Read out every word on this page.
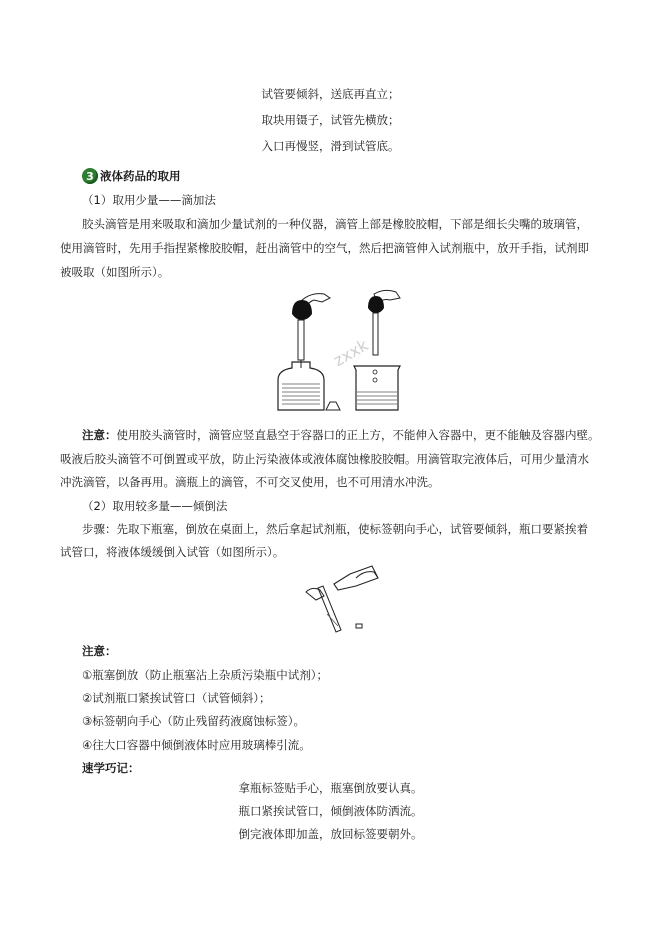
试管要倾斜，送底再直立；
取块用镊子，试管先横放；
入口再慢竖，滑到试管底。
3 液体药品的取用
（1）取用少量——滴加法
胶头滴管是用来吸取和滴加少量试剂的一种仪器，滴管上部是橡胶胶帽，下部是细长尖嘴的玻璃管，
使用滴管时，先用手指捏紧橡胶胶帽，赶出滴管中的空气，然后把滴管伸入试剂瓶中，放开手指，试剂即
被吸取（如图所示）。
zxxk
注意：使用胶头滴管时，滴管应竖直悬空于容器口的正上方，不能伸入容器中，更不能触及容器内壁。
吸液后胶头滴管不可倒置或平放，防止污染液体或液体腐蚀橡胶胶帽。用滴管取完液体后，可用少量清水
冲洗滴管，以备再用。滴瓶上的滴管，不可交叉使用，也不可用清水冲洗。
（2）取用较多量——倾倒法
步骤：先取下瓶塞，倒放在桌面上，然后拿起试剂瓶，使标签朝向手心，试管要倾斜，瓶口要紧挨着
试管口，将液体缓缓倒入试管（如图所示）。
注意：
①瓶塞倒放（防止瓶塞沾上杂质污染瓶中试剂）；
②试剂瓶口紧挨试管口（试管倾斜）；
③标签朝向手心（防止残留药液腐蚀标签）。
④往大口容器中倾倒液体时应用玻璃棒引流。
速学巧记：
拿瓶标签贴手心，瓶塞倒放要认真。
瓶口紧挨试管口，倾倒液体防洒流。
倒完液体即加盖，放回标签要朝外。
